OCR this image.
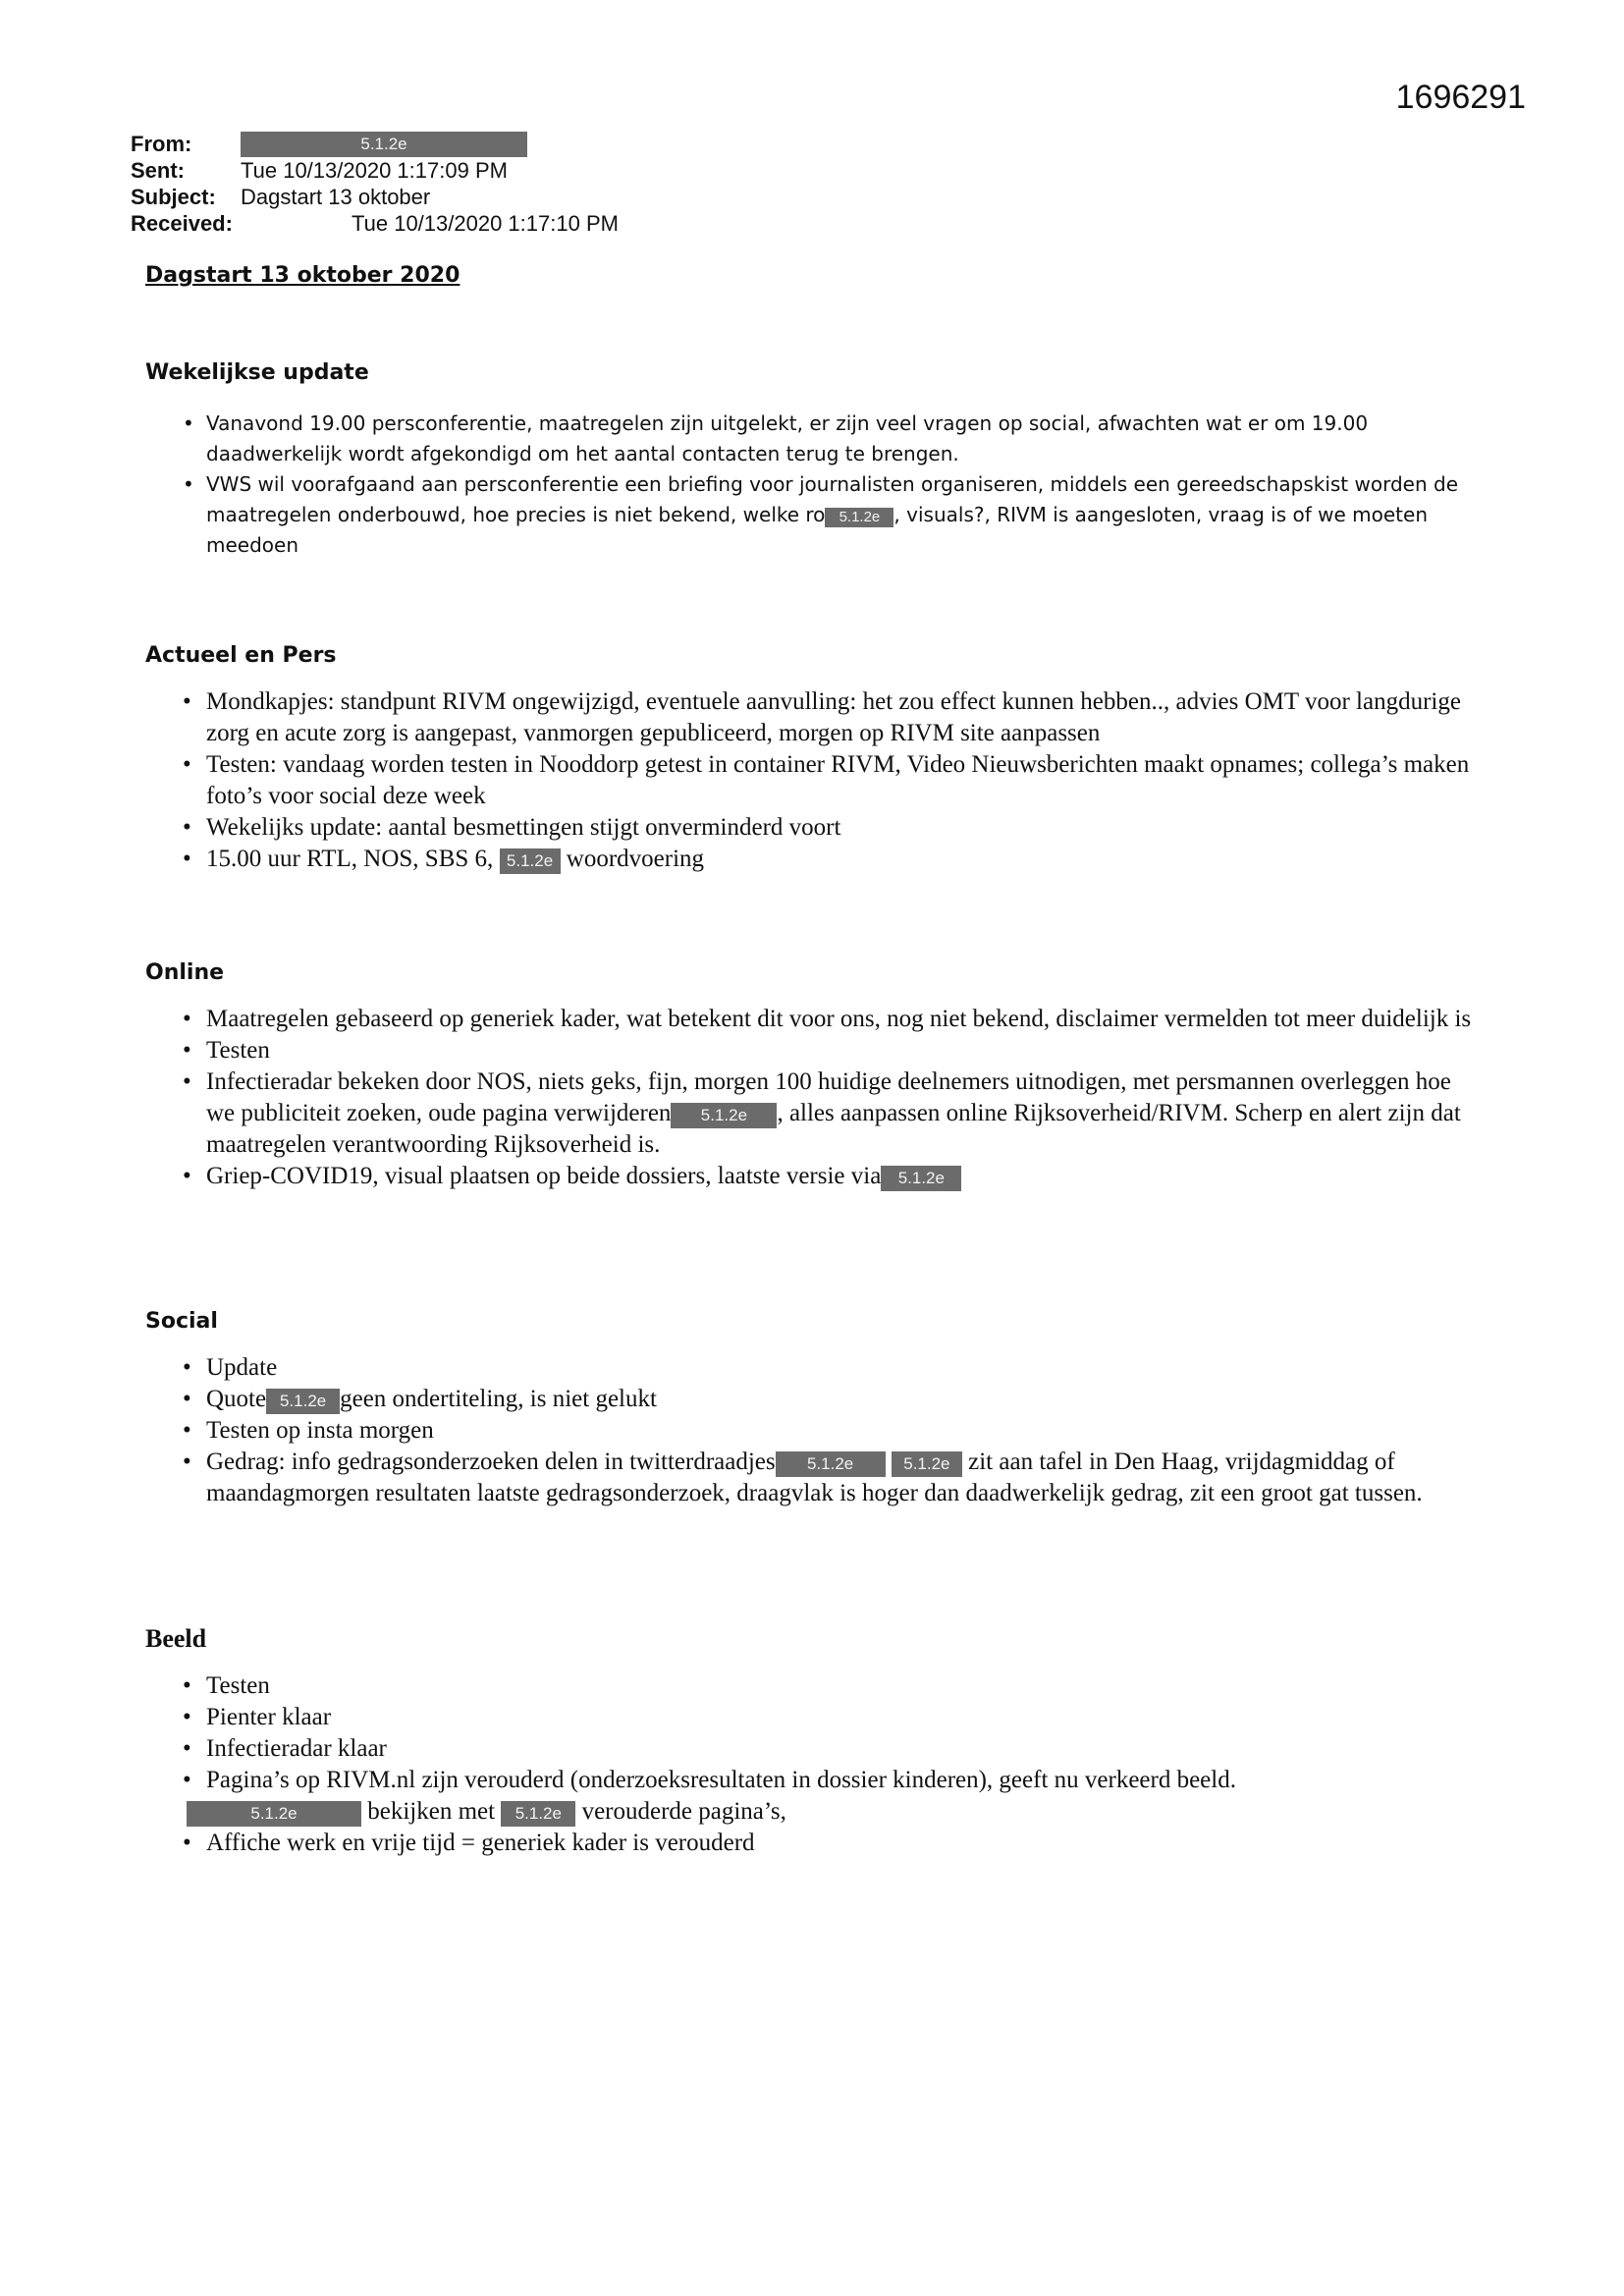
1696291
From:	5.1.2e
Sent:	Tue 10/13/2020 1:17:09 PM
Subject: Dagstart 13 oktober
Received:	Tue 10/13/2020 1:17:10 PM
Dagstart 13 oktober 2020
Wekelijkse update
• Vanavond 19.00 persconferentie, maatregelen zijn uitgelekt, er zijn veel vragen op social, afwachten wat er om 19.00 daadwerkelijk wordt afgekondigd om het aantal contacten terug te brengen.
• VWS wil voorafgaand aan persconferentie een briefing voor journalisten organiseren, middels een gereedschapskist worden de maatregelen onderbouwd, hoe precies is niet bekend, welke ro 5.1.2e , visuals?, RIVM is aangesloten, vraag is of we moeten meedoen
Actueel en Pers
• Mondkapjes: standpunt RIVM ongewijzigd, eventuele aanvulling: het zou effect kunnen hebben.., advies OMT voor langdurige zorg en acute zorg is aangepast, vanmorgen gepubliceerd, morgen op RIVM site aanpassen
• Testen: vandaag worden testen in Nooddorp getest in container RIVM, Video Nieuwsberichten maakt opnames; collega’s maken foto’s voor social deze week
• Wekelijks update: aantal besmettingen stijgt onverminderd voort
• 15.00 uur RTL, NOS, SBS 6, 5.1.2e woordvoering
Online
• Maatregelen gebaseerd op generiek kader, wat betekent dit voor ons, nog niet bekend, disclaimer vermelden tot meer duidelijk is
• Testen
• Infectieradar bekeken door NOS, niets geks, fijn, morgen 100 huidige deelnemers uitnodigen, met persmannen overleggen hoe we publiciteit zoeken, oude pagina verwijderen 5.1.2e , alles aanpassen online Rijksoverheid/RIVM. Scherp en alert zijn dat maatregelen verantwoording Rijksoverheid is.
• Griep-COVID19, visual plaatsen op beide dossiers, laatste versie via 5.1.2e
Social
• Update
• Quote 5.1.2e geen ondertiteling, is niet gelukt
• Testen op insta morgen
• Gedrag: info gedragsonderzoeken delen in twitterdraadjes 5.1.2e	5.1.2e zit aan tafel in Den Haag, vrijdagmiddag of maandagmorgen resultaten laatste gedragsonderzoek, draagvlak is hoger dan daadwerkelijk gedrag, zit een groot gat tussen.
Beeld
• Testen
• Pienter klaar
• Infectieradar klaar
• Pagina’s op RIVM.nl zijn verouderd (onderzoeksresultaten in dossier kinderen), geeft nu verkeerd beeld.
5.1.2e	bekijken met 5.1.2e verouderde pagina’s,
• Affiche werk en vrije tijd = generiek kader is verouderd
